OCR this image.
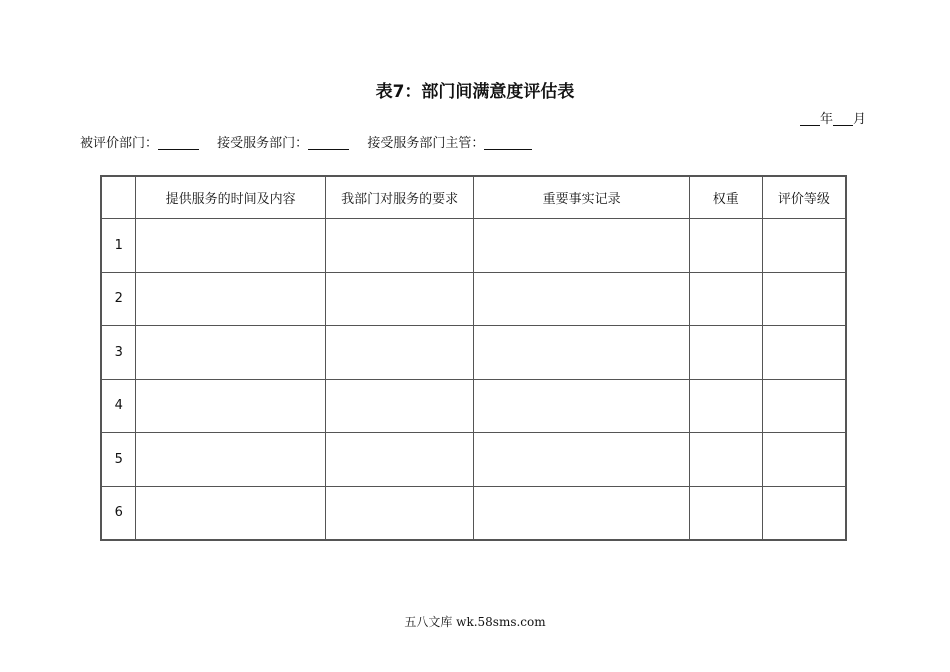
表7：部门间满意度评估表
年 月
被评价部门：	接受服务部门：	接受服务部门主管：
	提供服务的时间及内容	我部门对服务的要求	重要事实记录	权重	评价等级
1					
2					
3					
4					
5					
6					
五八文库 wk.58sms.com
